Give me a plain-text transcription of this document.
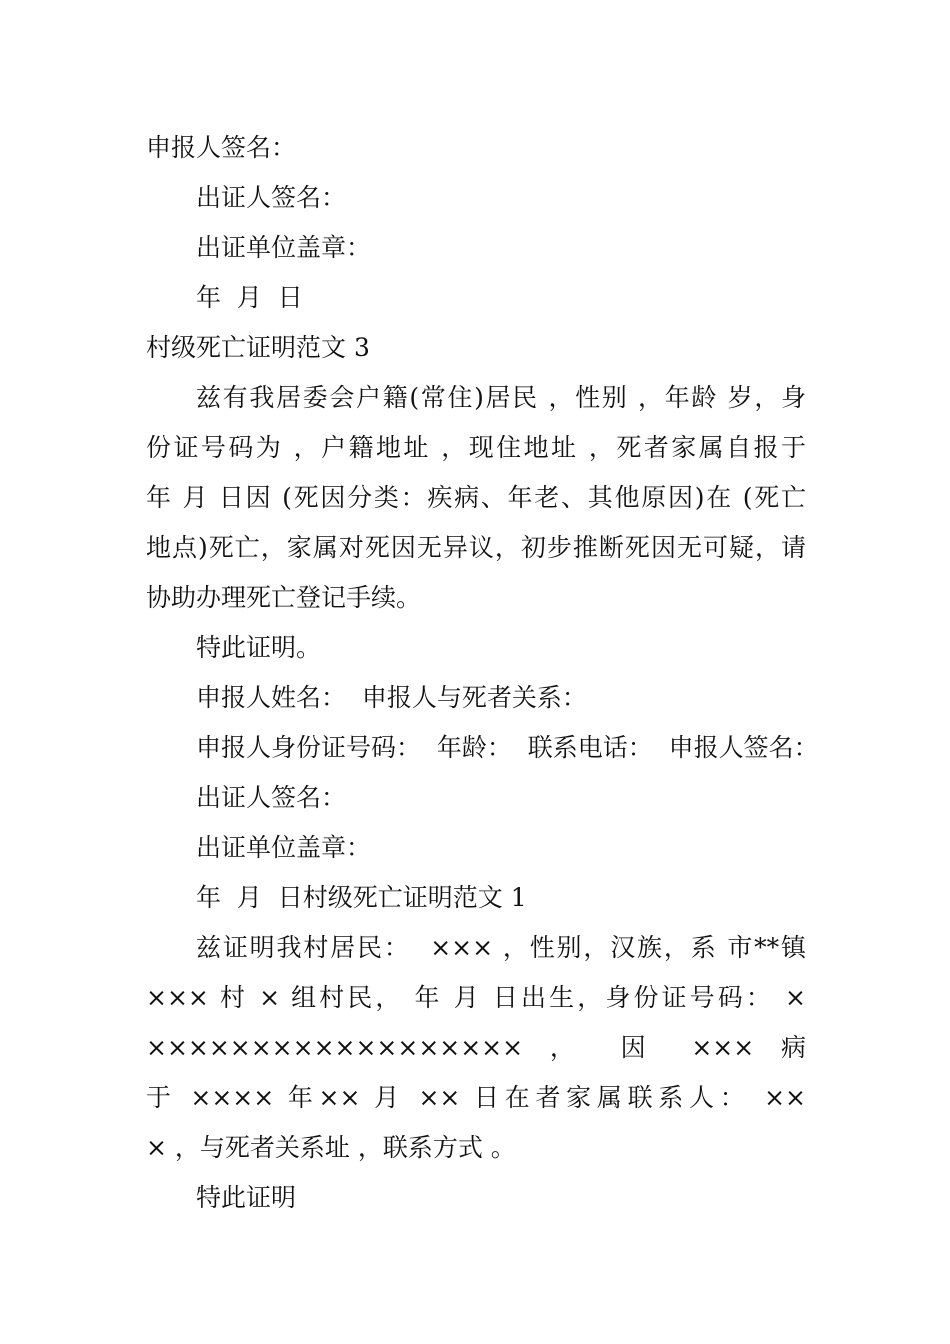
申报人签名：
出证人签名：
出证单位盖章：
年  月  日
村级死亡证明范文 3
兹有我居委会户籍(常住)居民 ，性别 ，年龄 岁，身
份证号码为 ，户籍地址 ，现住地址 ，死者家属自报于
年 月 日因 (死因分类：疾病、年老、其他原因)在 (死亡
地点)死亡，家属对死因无异议，初步推断死因无可疑，请
协助办理死亡登记手续。
特此证明。
申报人姓名：  申报人与死者关系：
申报人身份证号码：  年龄：  联系电话：  申报人签名：
出证人签名：
出证单位盖章：
年  月  日村级死亡证明范文 1
兹证明我村居民：  ××× ，性别，汉族，系 市**镇
××× 村 × 组村民， 年 月 日出生，身份证号码： ×
×××××××××××××××××× ， 因 ××× 病
于 ×××× 年×× 月 ×× 日在者家属联系人： ××
× ，与死者关系址 ，联系方式 。
特此证明
